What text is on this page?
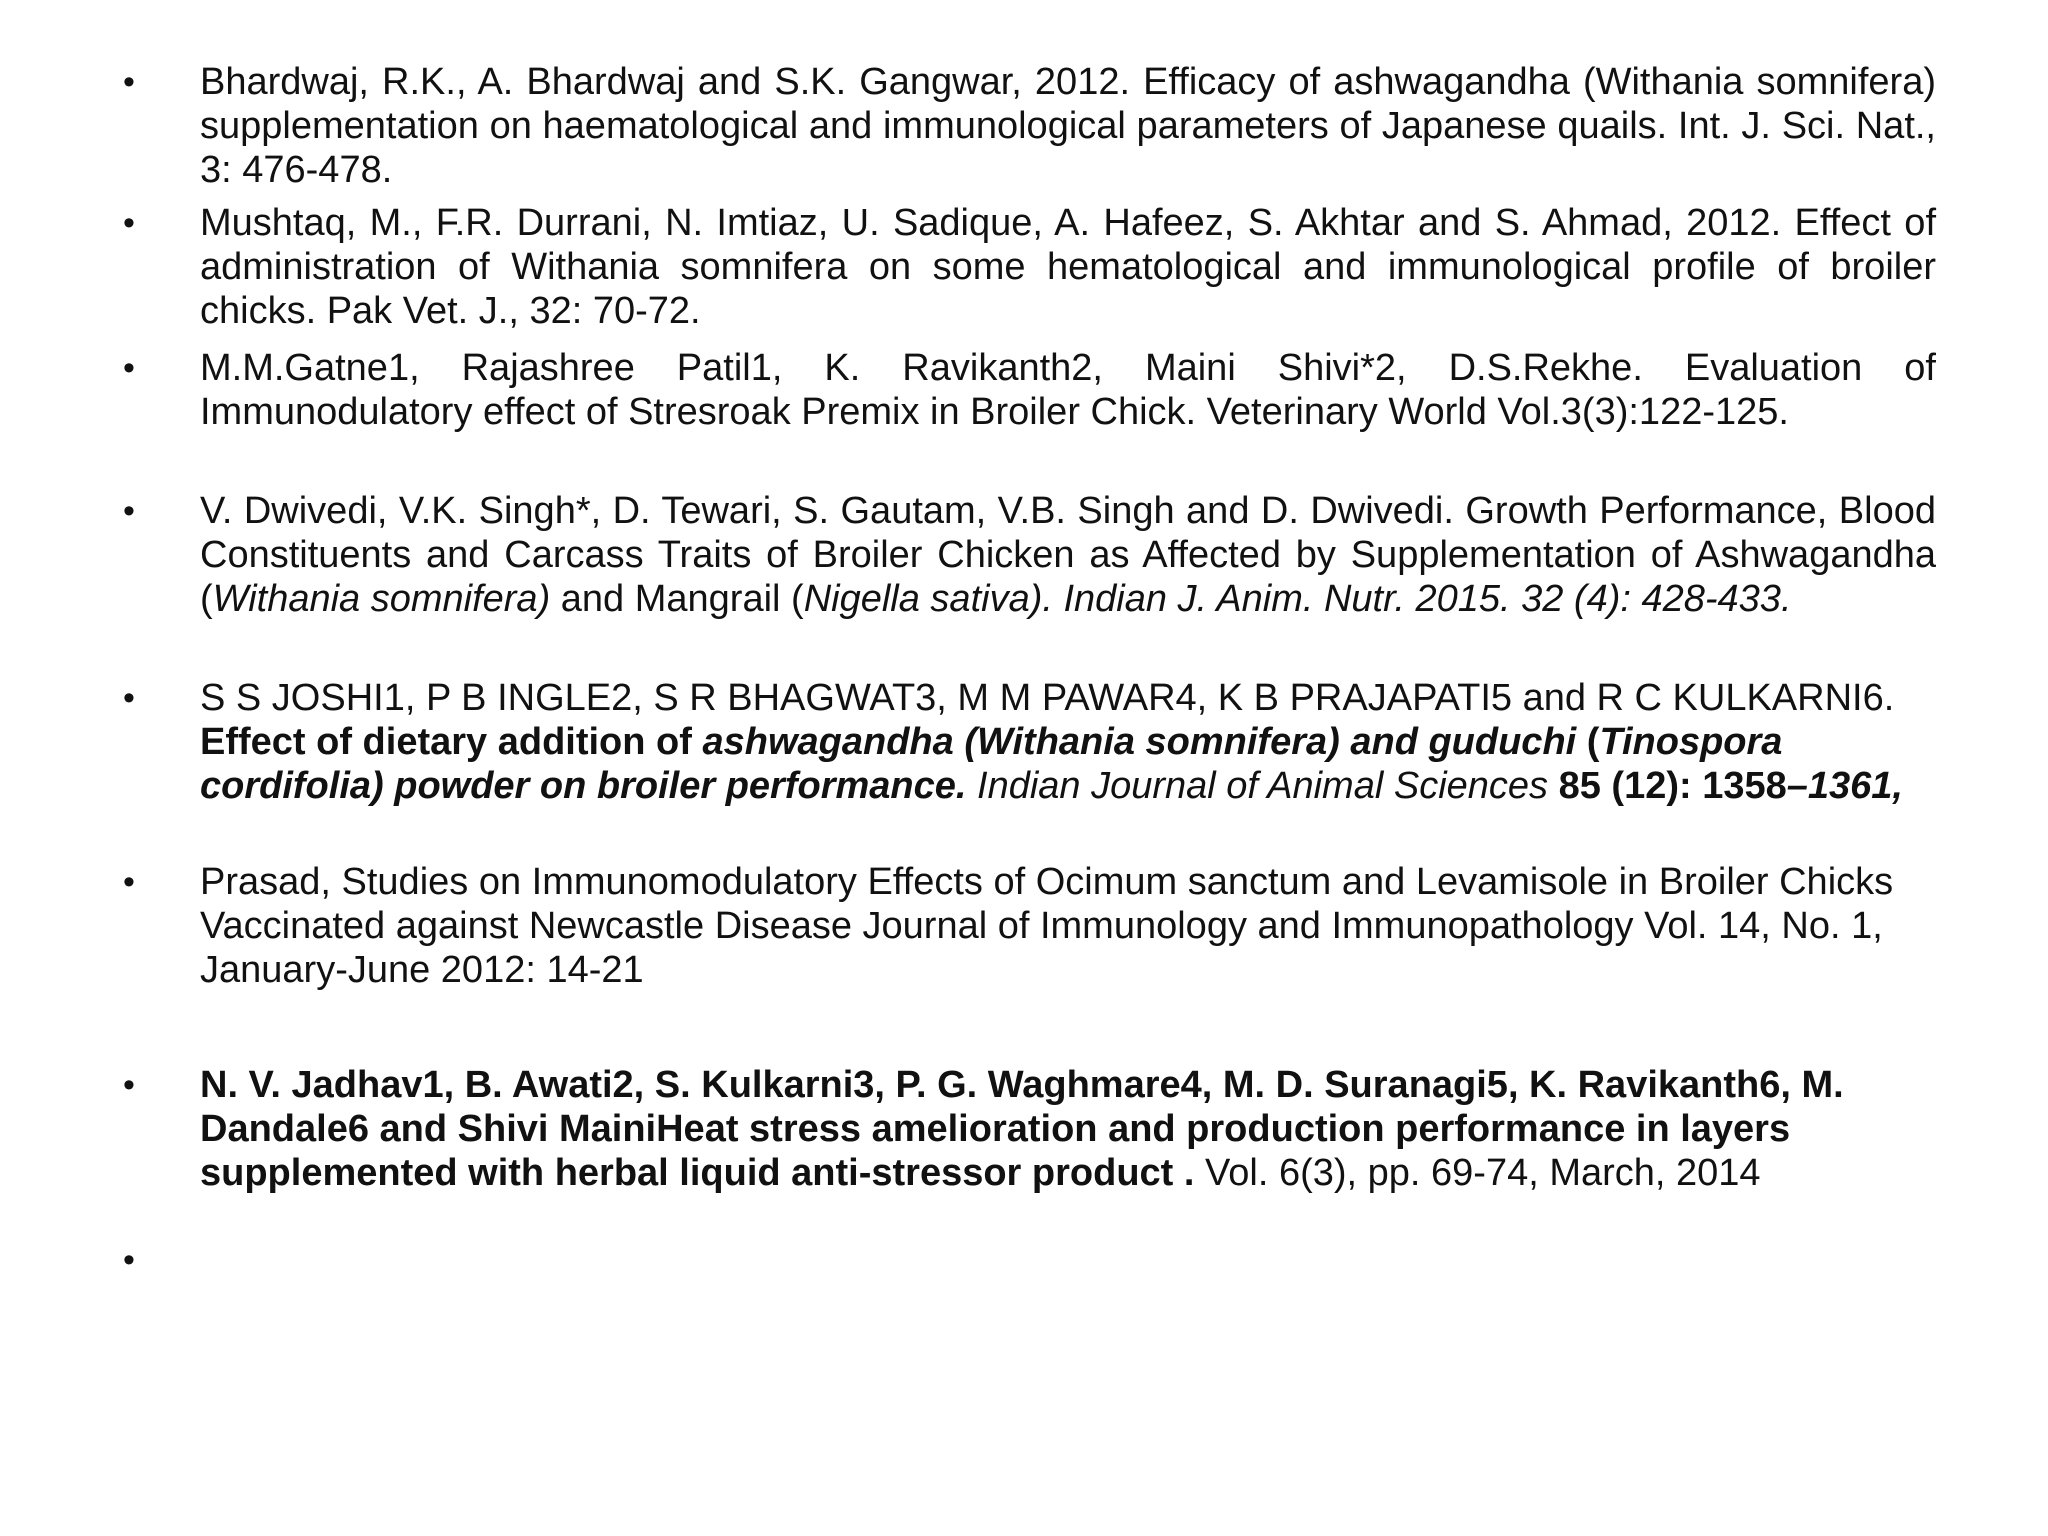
• Bhardwaj, R.K., A. Bhardwaj and S.K. Gangwar, 2012. Efficacy of ashwagandha (Withania somnifera) supplementation on haematological and immunological parameters of Japanese quails. Int. J. Sci. Nat., 3: 476-478.
• Mushtaq, M., F.R. Durrani, N. Imtiaz, U. Sadique, A. Hafeez, S. Akhtar and S. Ahmad, 2012. Effect of administration of Withania somnifera on some hematological and immunological profile of broiler chicks. Pak Vet. J., 32: 70-72.
• M.M.Gatne1, Rajashree Patil1, K. Ravikanth2, Maini Shivi*2, D.S.Rekhe. Evaluation of Immunodulatory effect of Stresroak Premix in Broiler Chick. Veterinary World Vol.3(3):122-125.
• V. Dwivedi, V.K. Singh*, D. Tewari, S. Gautam, V.B. Singh and D. Dwivedi. Growth Performance, Blood Constituents and Carcass Traits of Broiler Chicken as Affected by Supplementation of Ashwagandha (Withania somnifera) and Mangrail (Nigella sativa). Indian J. Anim. Nutr. 2015. 32 (4): 428-433.
• S S JOSHI1, P B INGLE2, S R BHAGWAT3, M M PAWAR4, K B PRAJAPATI5 and R C KULKARNI6.
Effect of dietary addition of ashwagandha (Withania somnifera) and guduchi (Tinospora cordifolia) powder on broiler performance. Indian Journal of Animal Sciences 85 (12): 1358–1361,
• Prasad, Studies on Immunomodulatory Effects of Ocimum sanctum and Levamisole in Broiler Chicks Vaccinated against Newcastle Disease Journal of Immunology and Immunopathology Vol. 14, No. 1, January-June 2012: 14-21
• N. V. Jadhav1, B. Awati2, S. Kulkarni3, P. G. Waghmare4, M. D. Suranagi5, K. Ravikanth6, M. Dandale6 and Shivi MainiHeat stress amelioration and production performance in layers supplemented with herbal liquid anti-stressor product . Vol. 6(3), pp. 69-74, March, 2014
•
